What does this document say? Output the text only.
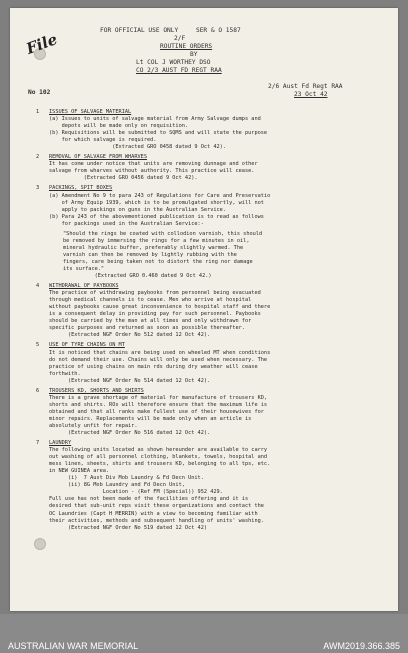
File	FOR OFFICIAL USE ONLY	SER & O 1587
2/F
ROUTINE ORDERS
BY
Lt COL J WORTHEY DSO
CO 2/3 AUST FD REGT RAA
No 102
2/6 Aust Fd Regt RAA
23 Oct 42
1	ISSUES OF SALVAGE MATERIAL
(a) Issues to units of salvage material from Army Salvage dumps and
depots will be made only on requisition.
(b) Requisitions will be submitted to SQMS and will state the purpose
for which salvage is required.
(Extracted GRO 0458 dated 9 Oct 42).
2	REMOVAL OF SALVAGE FROM WHARVES
It has come under notice that units are removing dunnage and other
salvage from wharves without authority. This practice will cease.
(Extracted GRO 0456 dated 9 Oct 42).
3	PACKINGS, SPIT BOXES
(a) Amendment No 9 to para 243 of Regulations for Care and Preservatio
of Army Equip 1939, which is to be promulgated shortly, will not
apply to packings on guns in the Australian Service.
(b) Para 243 of the abovementioned publication is to read as follows
for packings used in the Australian Service:-
"Should the rings be coated with collodion varnish, this should
be removed by immersing the rings for a few minutes in oil,
mineral hydraulic buffer, preferably slightly warmed. The
varnish can then be removed by lightly rubbing with the
fingers, care being taken not to distort the ring nor damage
its surface."
(Extracted GRO 0.460 dated 9 Oct 42.)
4	WITHDRAWAL OF PAYBOOKS
The practice of withdrawing paybooks from personnel being evacuated
through medical channels is to cease. Men who arrive at hospital
without paybooks cause great inconvenience to hospital staff and there
is a consequent delay in providing pay for such personnel. Paybooks
should be carried by the man at all times and only withdrawn for
specific purposes and returned as soon as possible thereafter.
(Extracted NGF Order No 512 dated 12 Oct 42).
5	USE OF TYRE CHAINS ON MT
It is noticed that chains are being used on wheeled MT when conditions
do not demand their use. Chains will only be used when necessary. The
practice of using chains on main rds during dry weather will cease
forthwith.
(Extracted NGF Order No 514 dated 12 Oct 42).
6	TROUSERS KD, SHORTS AND SHIRTS
There is a grave shortage of material for manufacture of trousers KD,
shorts and shirts. ROs will therefore ensure that the maximum life is
obtained and that all ranks make fullest use of their housewives for
minor repairs. Replacements will be made only when an article is
absolutely unfit for repair.
(Extracted NGF Order No 516 dated 12 Oct 42).
7	LAUNDRY
The following units located as shown hereunder are available to carry
out washing of all personnel clothing, blankets, towels, hospital and
mess linen, sheets, shirts and trousers KD, belonging to all tps, etc.
in NEW GUINEA area.
(i)  7 Aust Div Mob Laundry & Fd Decn Unit.
(ii) 8G Mob Laundry and Fd Decn Unit,
Location - (Ref FM (Special)) 952 429.
Full use has not been made of the facilities offering and it is
desired that sub-unit reps visit these organizations and contact the
OC Laundries (Capt H MERRIN) with a view to becoming familiar with
their activities, methods and subsequent handling of units' washing.
(Extracted NGF Order No 519 dated 12 Oct 42)
AUSTRALIAN WAR MEMORIAL	AWM2019.366.385
